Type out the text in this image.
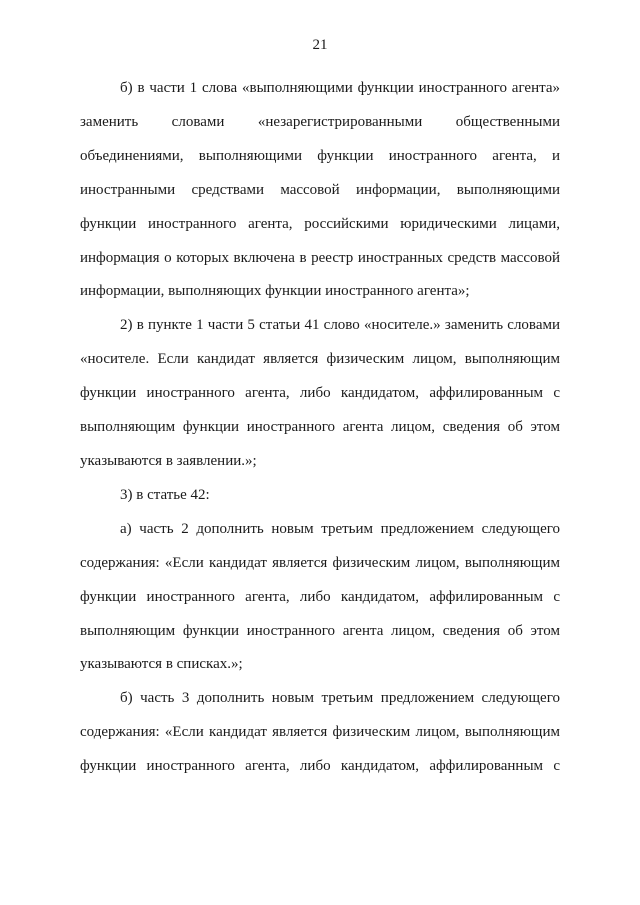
21
б) в части 1 слова «выполняющими функции иностранного агента»
заменить словами «незарегистрированными общественными
объединениями, выполняющими функции иностранного агента, и
иностранными средствами массовой информации, выполняющими
функции иностранного агента, российскими юридическими лицами,
информация о которых включена в реестр иностранных средств массовой
информации, выполняющих функции иностранного агента»;
2) в пункте 1 части 5 статьи 41 слово «носителе.» заменить словами
«носителе. Если кандидат является физическим лицом, выполняющим
функции иностранного агента, либо кандидатом, аффилированным с
выполняющим функции иностранного агента лицом, сведения об этом
указываются в заявлении.»;
3) в статье 42:
а) часть 2 дополнить новым третьим предложением следующего
содержания: «Если кандидат является физическим лицом, выполняющим
функции иностранного агента, либо кандидатом, аффилированным с
выполняющим функции иностранного агента лицом, сведения об этом
указываются в списках.»;
б) часть 3 дополнить новым третьим предложением следующего
содержания: «Если кандидат является физическим лицом, выполняющим
функции иностранного агента, либо кандидатом, аффилированным с
